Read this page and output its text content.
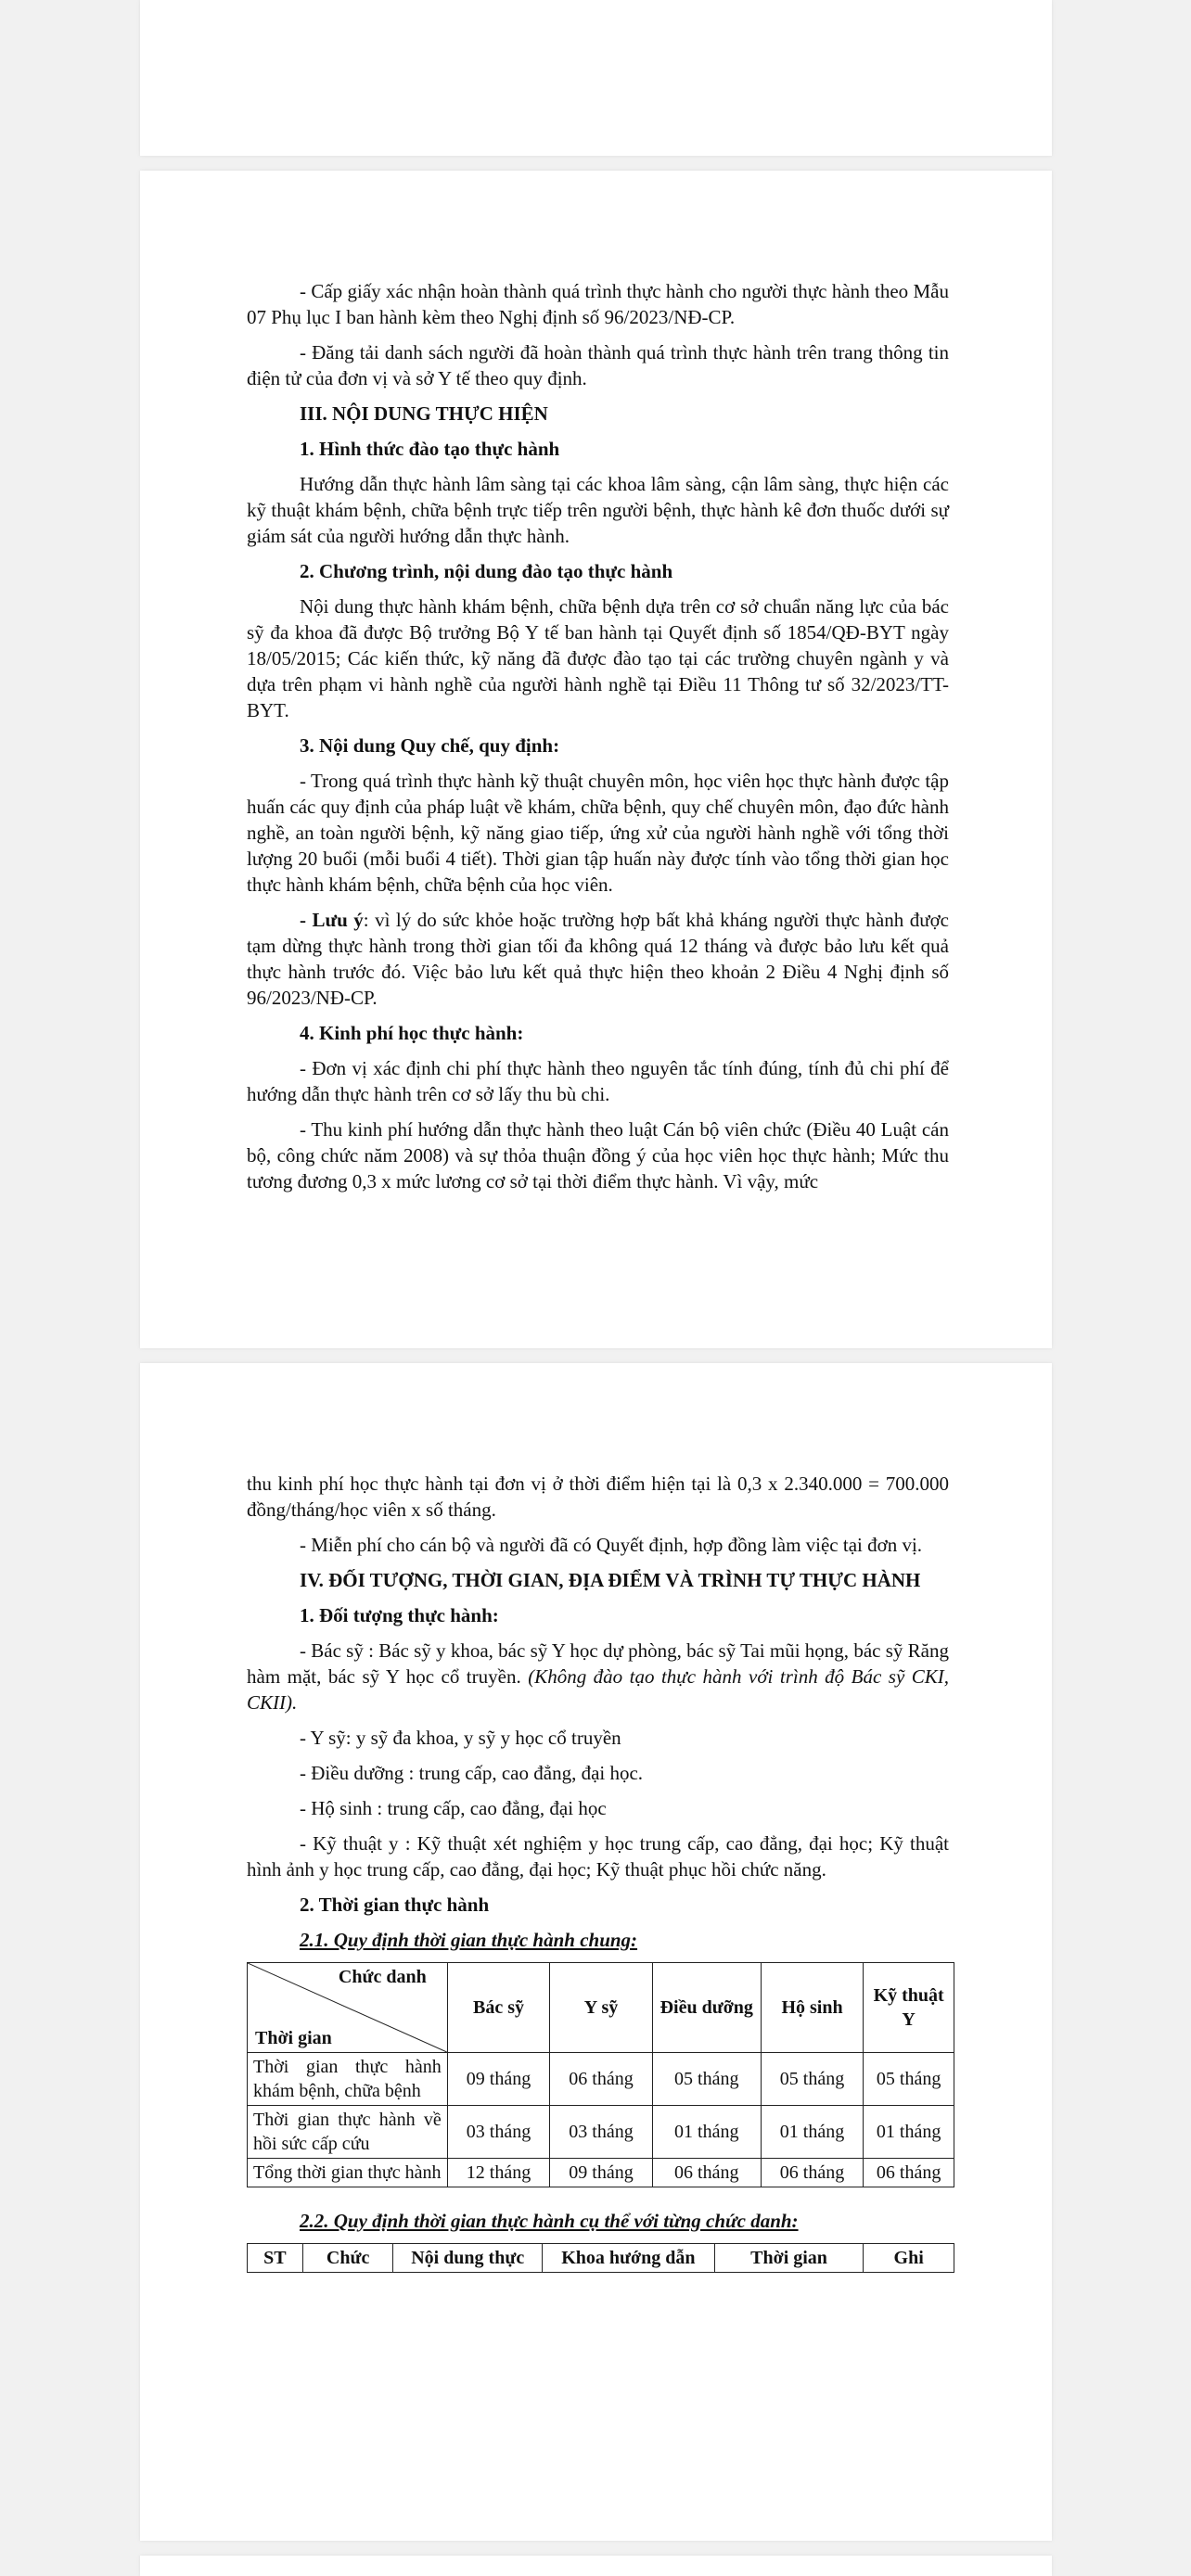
- Cấp giấy xác nhận hoàn thành quá trình thực hành cho người thực hành theo Mẫu 07 Phụ lục I ban hành kèm theo Nghị định số 96/2023/NĐ-CP.

- Đăng tải danh sách người đã hoàn thành quá trình thực hành trên trang thông tin điện tử của đơn vị và sở Y tế theo quy định.

III. NỘI DUNG THỰC HIỆN

1. Hình thức đào tạo thực hành

Hướng dẫn thực hành lâm sàng tại các khoa lâm sàng, cận lâm sàng, thực hiện các kỹ thuật khám bệnh, chữa bệnh trực tiếp trên người bệnh, thực hành kê đơn thuốc dưới sự giám sát của người hướng dẫn thực hành.

2. Chương trình, nội dung đào tạo thực hành

Nội dung thực hành khám bệnh, chữa bệnh dựa trên cơ sở chuẩn năng lực của bác sỹ đa khoa đã được Bộ trưởng Bộ Y tế ban hành tại Quyết định số 1854/QĐ-BYT ngày 18/05/2015; Các kiến thức, kỹ năng đã được đào tạo tại các trường chuyên ngành y và dựa trên phạm vi hành nghề của người hành nghề tại Điều 11 Thông tư số 32/2023/TT-BYT.

3. Nội dung Quy chế, quy định:

- Trong quá trình thực hành kỹ thuật chuyên môn, học viên học thực hành được tập huấn các quy định của pháp luật về khám, chữa bệnh, quy chế chuyên môn, đạo đức hành nghề, an toàn người bệnh, kỹ năng giao tiếp, ứng xử của người hành nghề với tổng thời lượng 20 buổi (mỗi buổi 4 tiết). Thời gian tập huấn này được tính vào tổng thời gian học thực hành khám bệnh, chữa bệnh của học viên.

- Lưu ý: vì lý do sức khỏe hoặc trường hợp bất khả kháng người thực hành được tạm dừng thực hành trong thời gian tối đa không quá 12 tháng và được bảo lưu kết quả thực hành trước đó. Việc bảo lưu kết quả thực hiện theo khoản 2 Điều 4 Nghị định số 96/2023/NĐ-CP.

4. Kinh phí học thực hành:

- Đơn vị xác định chi phí thực hành theo nguyên tắc tính đúng, tính đủ chi phí để hướng dẫn thực hành trên cơ sở lấy thu bù chi.

- Thu kinh phí hướng dẫn thực hành theo luật Cán bộ viên chức (Điều 40 Luật cán bộ, công chức năm 2008) và sự thỏa thuận đồng ý của học viên học thực hành; Mức thu tương đương 0,3 x mức lương cơ sở tại thời điểm thực hành. Vì vậy, mức

thu kinh phí học thực hành tại đơn vị ở thời điểm hiện tại là 0,3 x 2.340.000 = 700.000 đồng/tháng/học viên x số tháng.

- Miễn phí cho cán bộ và người đã có Quyết định, hợp đồng làm việc tại đơn vị.

IV. ĐỐI TƯỢNG, THỜI GIAN, ĐỊA ĐIỂM VÀ TRÌNH TỰ THỰC HÀNH

1. Đối tượng thực hành:

- Bác sỹ : Bác sỹ y khoa, bác sỹ Y học dự phòng, bác sỹ Tai mũi họng, bác sỹ Răng hàm mặt, bác sỹ Y học cổ truyền. (Không đào tạo thực hành với trình độ Bác sỹ CKI, CKII).

- Y sỹ: y sỹ đa khoa, y sỹ y học cổ truyền

- Điều dưỡng : trung cấp, cao đẳng, đại học.

- Hộ sinh : trung cấp, cao đẳng, đại học

- Kỹ thuật y : Kỹ thuật xét nghiệm y học trung cấp, cao đẳng, đại học; Kỹ thuật hình ảnh y học trung cấp, cao đẳng, đại học; Kỹ thuật phục hồi chức năng.

2. Thời gian thực hành

2.1. Quy định thời gian thực hành chung:

Chức danh
Thời gian	Bác sỹ	Y sỹ	Điều dưỡng	Hộ sinh	Kỹ thuật Y
Thời gian thực hành khám bệnh, chữa bệnh	09 tháng	06 tháng	05 tháng	05 tháng	05 tháng
Thời gian thực hành về hồi sức cấp cứu	03 tháng	03 tháng	01 tháng	01 tháng	01 tháng
Tổng thời gian thực hành	12 tháng	09 tháng	06 tháng	06 tháng	06 tháng

2.2. Quy định thời gian thực hành cụ thể với từng chức danh:

ST	Chức	Nội dung thực	Khoa hướng dẫn	Thời gian	Ghi
